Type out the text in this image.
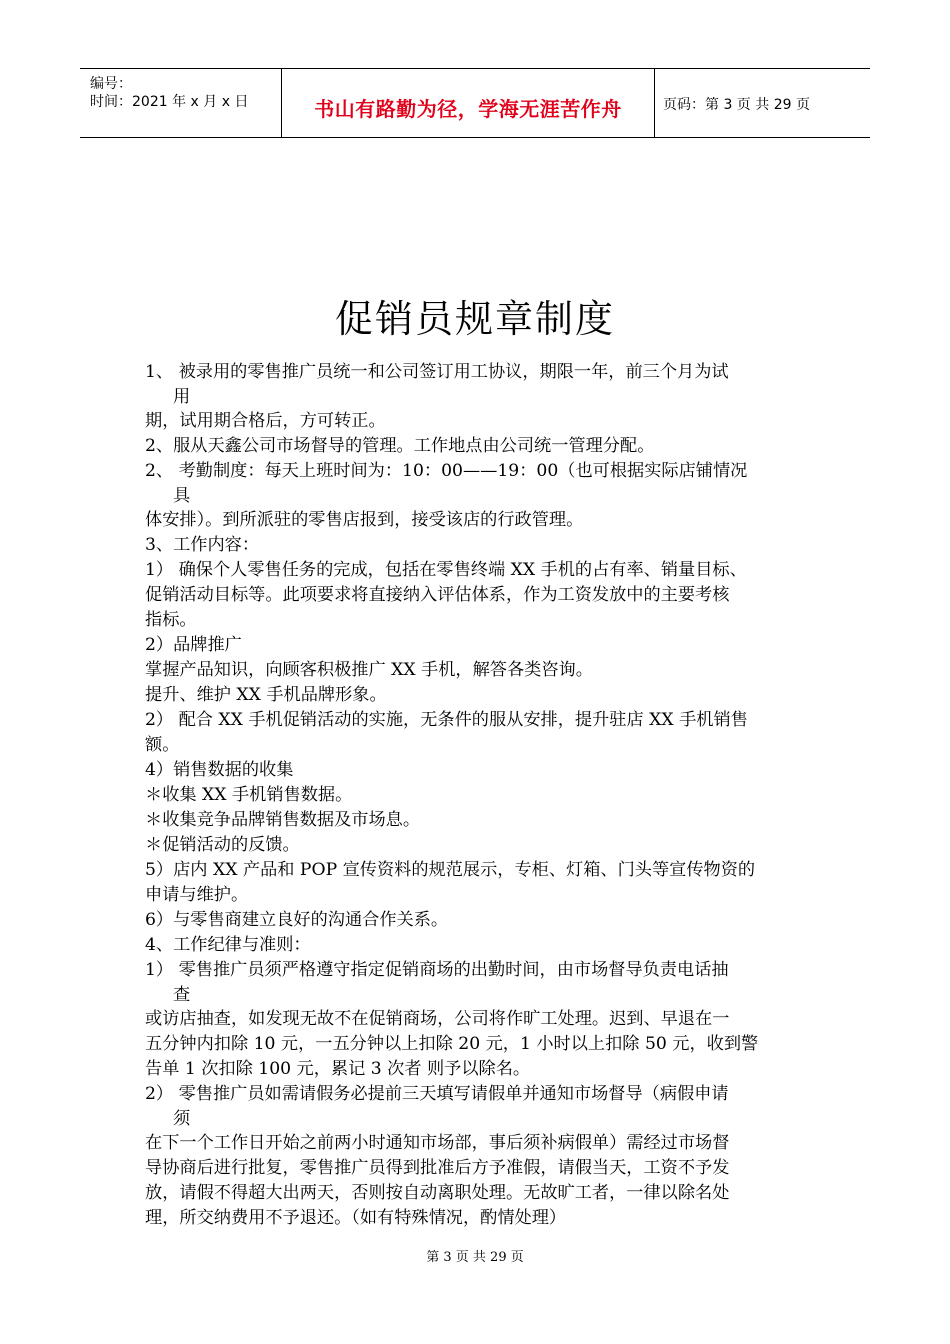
编号：
时间：2021 年 x 月 x 日	书山有路勤为径，学海无涯苦作舟	页码：第 3 页 共 29 页
促销员规章制度
1、 被录用的零售推广员统一和公司签订用工协议，期限一年，前三个月为试
用
期，试用期合格后，方可转正。
2、服从天鑫公司市场督导的管理。工作地点由公司统一管理分配。
2、 考勤制度：每天上班时间为：10：00——19：00（也可根据实际店铺情况
具
体安排）。到所派驻的零售店报到，接受该店的行政管理。
3、工作内容：
1） 确保个人零售任务的完成，包括在零售终端 XX 手机的占有率、销量目标、
促销活动目标等。此项要求将直接纳入评估体系，作为工资发放中的主要考核
指标。
2）品牌推广
掌握产品知识，向顾客积极推广 XX 手机，解答各类咨询。
提升、维护 XX 手机品牌形象。
2） 配合 XX 手机促销活动的实施，无条件的服从安排，提升驻店 XX 手机销售
额。
4）销售数据的收集
＊收集 XX 手机销售数据。
＊收集竞争品牌销售数据及市场息。
＊促销活动的反馈。
5）店内 XX 产品和 POP 宣传资料的规范展示，专柜、灯箱、门头等宣传物资的
申请与维护。
6）与零售商建立良好的沟通合作关系。
4、工作纪律与准则：
1） 零售推广员须严格遵守指定促销商场的出勤时间，由市场督导负责电话抽
查
或访店抽查，如发现无故不在促销商场，公司将作旷工处理。迟到、早退在一
五分钟内扣除 10 元，一五分钟以上扣除 20 元，1 小时以上扣除 50 元，收到警
告单 1 次扣除 100 元，累记 3 次者 则予以除名。
2） 零售推广员如需请假务必提前三天填写请假单并通知市场督导（病假申请
须
在下一个工作日开始之前两小时通知市场部，事后须补病假单）需经过市场督
导协商后进行批复，零售推广员得到批准后方予准假，请假当天，工资不予发
放，请假不得超大出两天，否则按自动离职处理。无故旷工者，一律以除名处
理，所交纳费用不予退还。（如有特殊情况，酌情处理）
第 3 页 共 29 页
